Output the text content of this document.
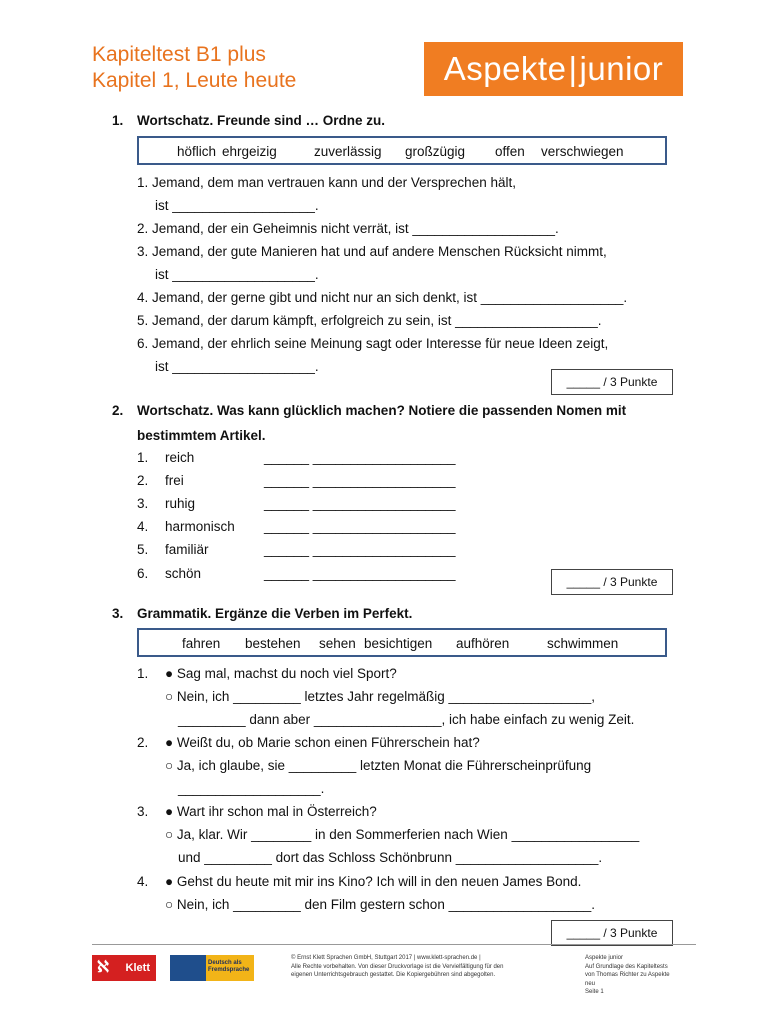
Kapiteltest B1 plus
Kapitel 1, Leute heute	Aspekte|junior
1. Wortschatz. Freunde sind … Ordne zu.
höflich ehrgeizig	zuverlässig großzügig offen verschwiegen
1. Jemand, dem man vertrauen kann und der Versprechen hält,
ist ___________________.
2. Jemand, der ein Geheimnis nicht verrät, ist ___________________.
3. Jemand, der gute Manieren hat und auf andere Menschen Rücksicht nimmt,
ist ___________________.
4. Jemand, der gerne gibt und nicht nur an sich denkt, ist ___________________.
5. Jemand, der darum kämpft, erfolgreich zu sein, ist ___________________.
6. Jemand, der ehrlich seine Meinung sagt oder Interesse für neue Ideen zeigt,
ist ___________________.
_____ / 3 Punkte
2. Wortschatz. Was kann glücklich machen? Notiere die passenden Nomen mit
bestimmtem Artikel.
1. reich	______ ___________________
2. frei	______ ___________________
3. ruhig	______ ___________________
4. harmonisch ______ ___________________
5. familiär	______ ___________________
6. schön	______ ___________________
_____ / 3 Punkte
3. Grammatik. Ergänze die Verben im Perfekt.
fahren bestehen sehen besichtigen aufhören	schwimmen
1. ● Sag mal, machst du noch viel Sport?
○ Nein, ich _________ letztes Jahr regelmäßig ___________________,
_________ dann aber _________________, ich habe einfach zu wenig Zeit.
2. ● Weißt du, ob Marie schon einen Führerschein hat?
○ Ja, ich glaube, sie _________ letzten Monat die Führerscheinprüfung
___________________.
3. ● Wart ihr schon mal in Österreich?
○ Ja, klar. Wir ________ in den Sommerferien nach Wien _________________
und _________ dort das Schloss Schönbrunn ___________________.
4. ● Gehst du heute mit mir ins Kino? Ich will in den neuen James Bond.
○ Nein, ich _________ den Film gestern schon ___________________.
_____ / 3 Punkte
ℵ Klett	Deutsch als
Fremdsprache
© Ernst Klett Sprachen GmbH, Stuttgart 2017 | www.klett-sprachen.de |
Alle Rechte vorbehalten. Von dieser Druckvorlage ist die Vervielfältigung für den
eigenen Unterrichtsgebrauch gestattet. Die Kopiergebühren sind abgegolten.
Aspekte junior
Auf Grundlage des Kapiteltests
von Thomas Richter zu Aspekte
neu
Seite 1
